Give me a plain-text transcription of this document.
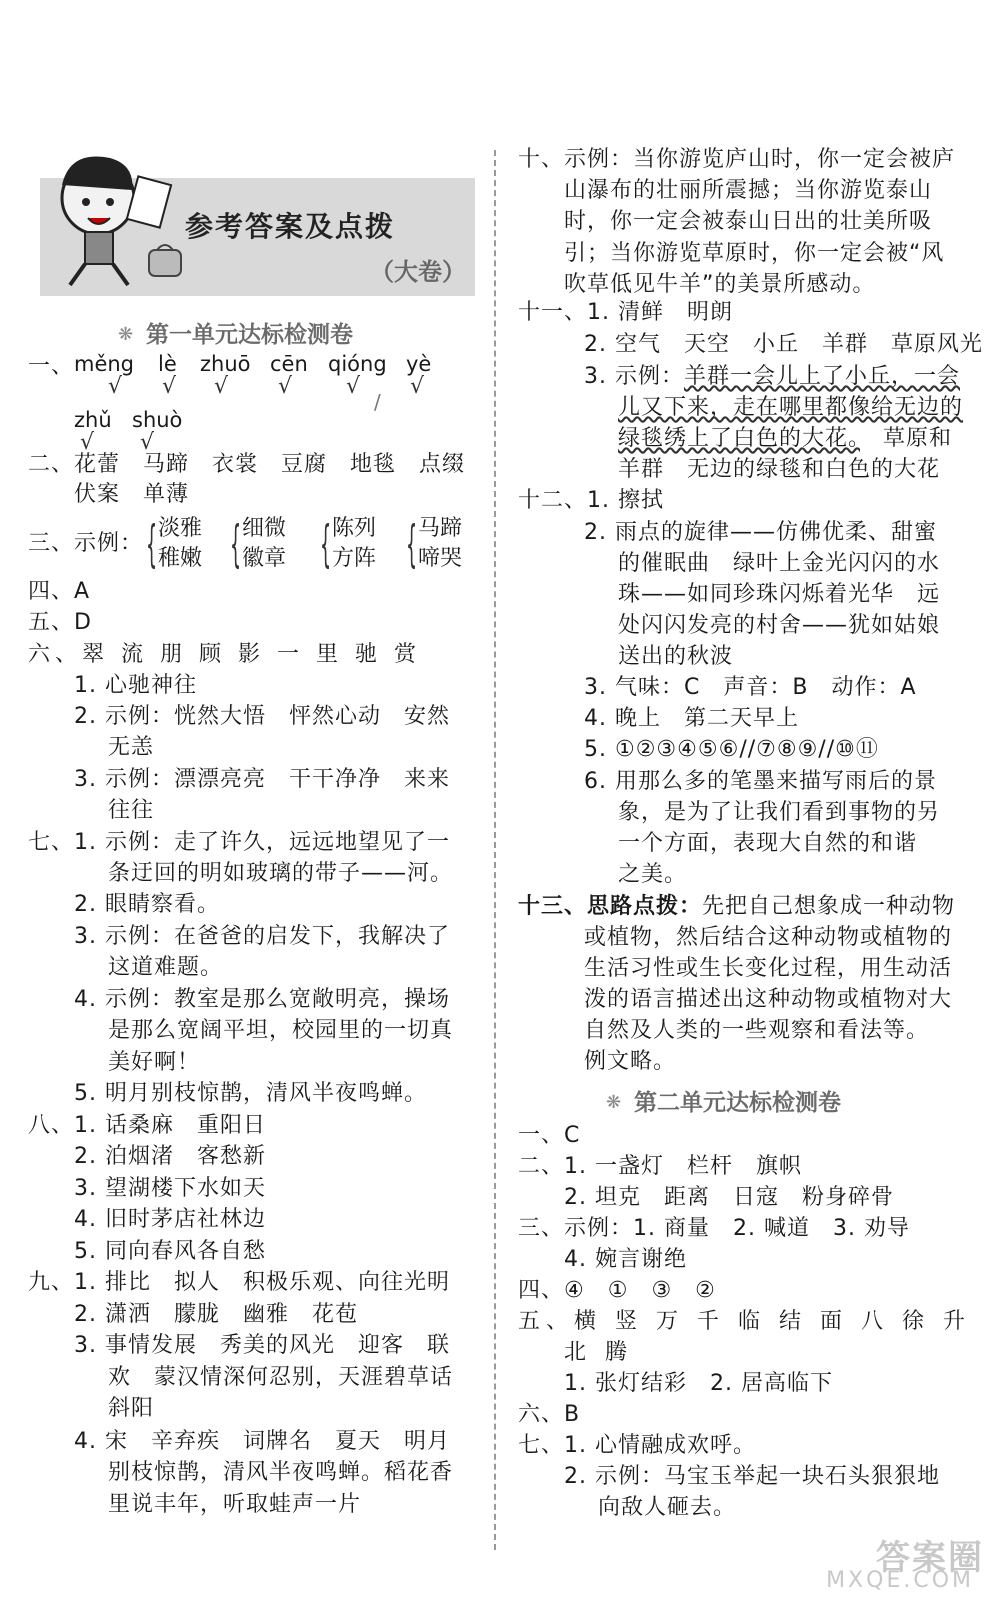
参考答案及点拨
（大卷）
❋ 第一单元达标检测卷
一、 měng lè zhuō cēn qióng yè
√ √ √ √ √ √
/
zhǔ shuò
√ √
二、花蕾　马蹄　衣裳　豆腐　地毯　点缀
伏案　单薄
三、示例： { 淡雅
稚嫩 { 细微
徽章 { 陈列
方阵 { 马蹄
啼哭
四、A
五、D
六、翠 流 朋 顾 影 一 里 驰 赏
1. 心驰神往
2. 示例：恍然大悟　怦然心动　安然
无恙
3. 示例：漂漂亮亮　干干净净　来来
往往
七、1. 示例：走了许久，远远地望见了一
条迂回的明如玻璃的带子——河。
2. 眼睛察看。
3. 示例：在爸爸的启发下，我解决了
这道难题。
4. 示例：教室是那么宽敞明亮，操场
是那么宽阔平坦，校园里的一切真
美好啊！
5. 明月别枝惊鹊，清风半夜鸣蝉。
八、1. 话桑麻　重阳日
2. 泊烟渚　客愁新
3. 望湖楼下水如天
4. 旧时茅店社林边
5. 同向春风各自愁
九、1. 排比　拟人　积极乐观、向往光明
2. 潇洒　朦胧　幽雅　花苞
3. 事情发展　秀美的风光　迎客　联
欢　蒙汉情深何忍别，天涯碧草话
斜阳
4. 宋　辛弃疾　词牌名　夏天　明月
别枝惊鹊，清风半夜鸣蝉。稻花香
里说丰年，听取蛙声一片
十、示例：当你游览庐山时，你一定会被庐
山瀑布的壮丽所震撼；当你游览泰山
时，你一定会被泰山日出的壮美所吸
引；当你游览草原时，你一定会被“风
吹草低见牛羊”的美景所感动。
十一、1. 清鲜　明朗
2. 空气　天空　小丘　羊群　草原风光
3. 示例：羊群一会儿上了小丘，一会
儿又下来，走在哪里都像给无边的
绿毯绣上了白色的大花。　 草原和
羊群　无边的绿毯和白色的大花
十二、1. 擦拭
2. 雨点的旋律——仿佛优柔、甜蜜
的催眠曲　绿叶上金光闪闪的水
珠——如同珍珠闪烁着光华　远
处闪闪发亮的村舍——犹如姑娘
送出的秋波
3. 气味：C　声音：B　动作：A
4. 晚上　第二天早上
5. ①②③④⑤⑥//⑦⑧⑨//⑩⑪
6. 用那么多的笔墨来描写雨后的景
象，是为了让我们看到事物的另
一个方面，表现大自然的和谐
之美。
十三、思路点拨：先把自己想象成一种动物
或植物，然后结合这种动物或植物的
生活习性或生长变化过程，用生动活
泼的语言描述出这种动物或植物对大
自然及人类的一些观察和看法等。
例文略。
❋ 第二单元达标检测卷
一、C
二、1. 一盏灯　栏杆　旗帜
2. 坦克　距离　日寇　粉身碎骨
三、示例：1. 商量　2. 喊道　3. 劝导
4. 婉言谢绝
四、④　①　③　②
五、横 竖 万 千 临 结 面 八 徐 升
北 腾
1. 张灯结彩　2. 居高临下
六、B
七、1. 心情融成欢呼。
2. 示例：马宝玉举起一块石头狠狠地
向敌人砸去。
答案圈
MXQE.COM
